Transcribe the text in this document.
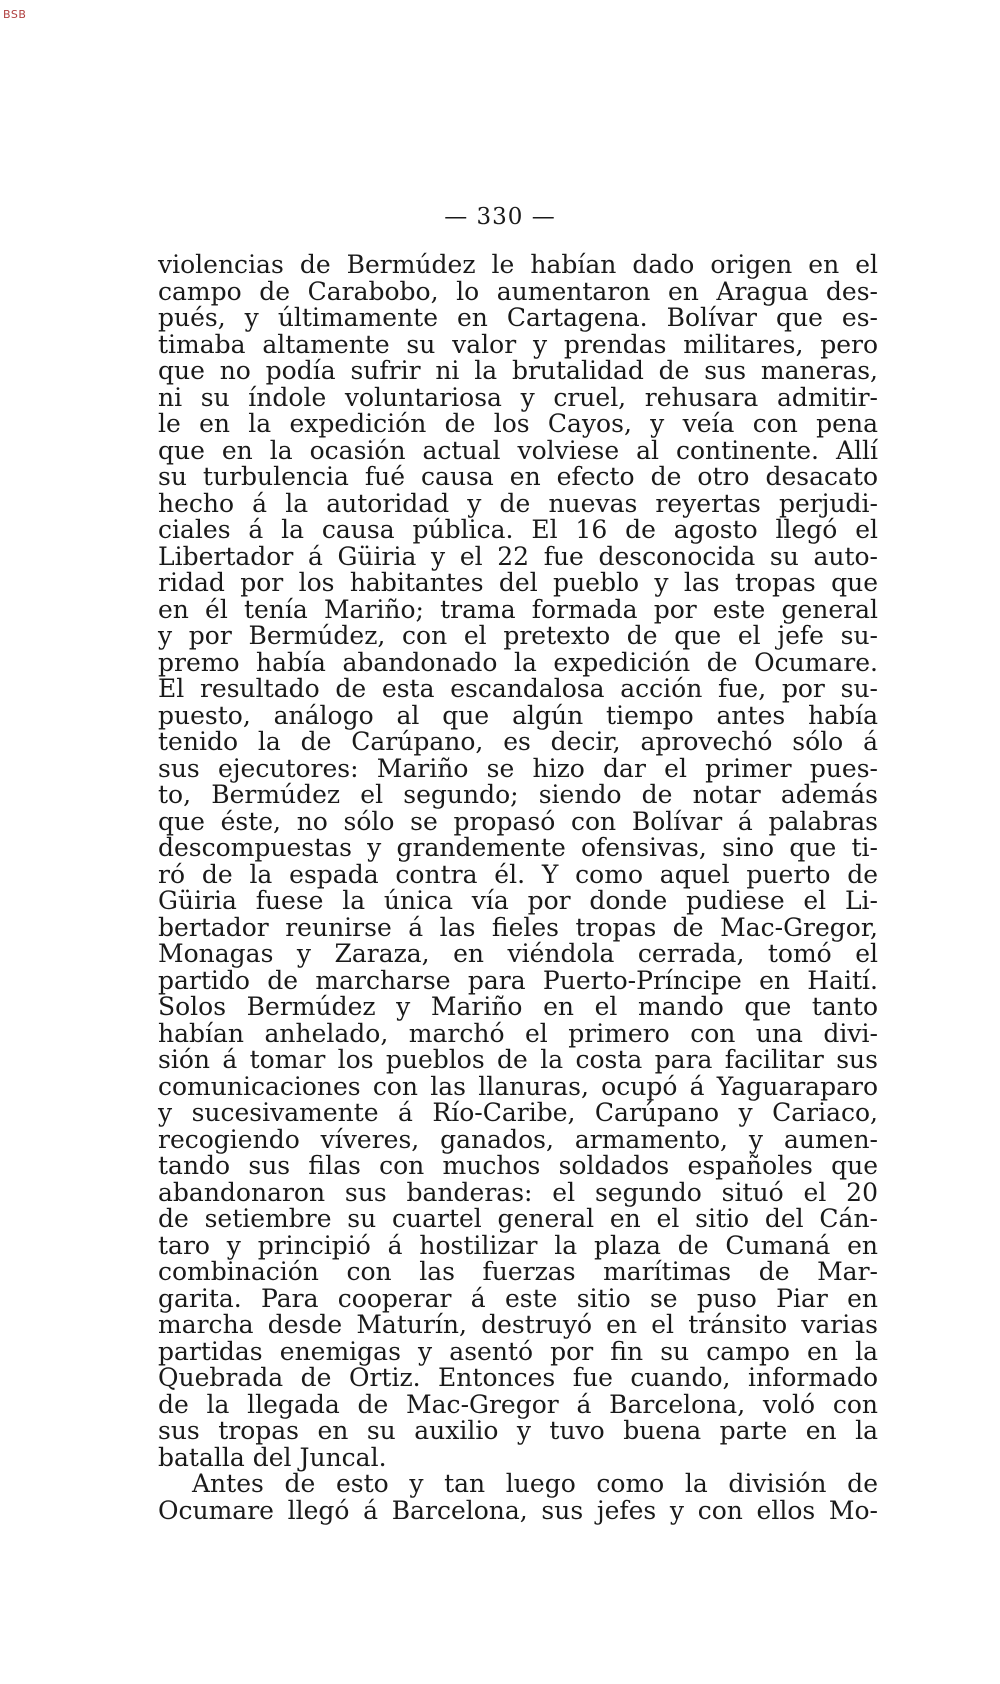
BSB
— 330 —
violencias de Bermúdez le habían dado origen en el
campo de Carabobo, lo aumentaron en Aragua des-
pués, y últimamente en Cartagena. Bolívar que es-
timaba altamente su valor y prendas militares, pero
que no podía sufrir ni la brutalidad de sus maneras,
ni su índole voluntariosa y cruel, rehusara admitir-
le en la expedición de los Cayos, y veía con pena
que en la ocasión actual volviese al continente. Allí
su turbulencia fué causa en efecto de otro desacato
hecho á la autoridad y de nuevas reyertas perjudi-
ciales á la causa pública. El 16 de agosto llegó el
Libertador á Güiria y el 22 fue desconocida su auto-
ridad por los habitantes del pueblo y las tropas que
en él tenía Mariño; trama formada por este general
y por Bermúdez, con el pretexto de que el jefe su-
premo había abandonado la expedición de Ocumare.
El resultado de esta escandalosa acción fue, por su-
puesto, análogo al que algún tiempo antes había
tenido la de Carúpano, es decir, aprovechó sólo á
sus ejecutores: Mariño se hizo dar el primer pues-
to, Bermúdez el segundo; siendo de notar además
que éste, no sólo se propasó con Bolívar á palabras
descompuestas y grandemente ofensivas, sino que ti-
ró de la espada contra él. Y como aquel puerto de
Güiria fuese la única vía por donde pudiese el Li-
bertador reunirse á las fieles tropas de Mac-Gregor,
Monagas y Zaraza, en viéndola cerrada, tomó el
partido de marcharse para Puerto-Príncipe en Haití.
Solos Bermúdez y Mariño en el mando que tanto
habían anhelado, marchó el primero con una divi-
sión á tomar los pueblos de la costa para facilitar sus
comunicaciones con las llanuras, ocupó á Yaguaraparo
y sucesivamente á Río-Caribe, Carúpano y Cariaco,
recogiendo víveres, ganados, armamento, y aumen-
tando sus filas con muchos soldados españoles que
abandonaron sus banderas: el segundo situó el 20
de setiembre su cuartel general en el sitio del Cán-
taro y principió á hostilizar la plaza de Cumaná en
combinación con las fuerzas marítimas de Mar-
garita. Para cooperar á este sitio se puso Piar en
marcha desde Maturín, destruyó en el tránsito varias
partidas enemigas y asentó por fin su campo en la
Quebrada de Ortiz. Entonces fue cuando, informado
de la llegada de Mac-Gregor á Barcelona, voló con
sus tropas en su auxilio y tuvo buena parte en la
batalla del Juncal.
Antes de esto y tan luego como la división de
Ocumare llegó á Barcelona, sus jefes y con ellos Mo-
